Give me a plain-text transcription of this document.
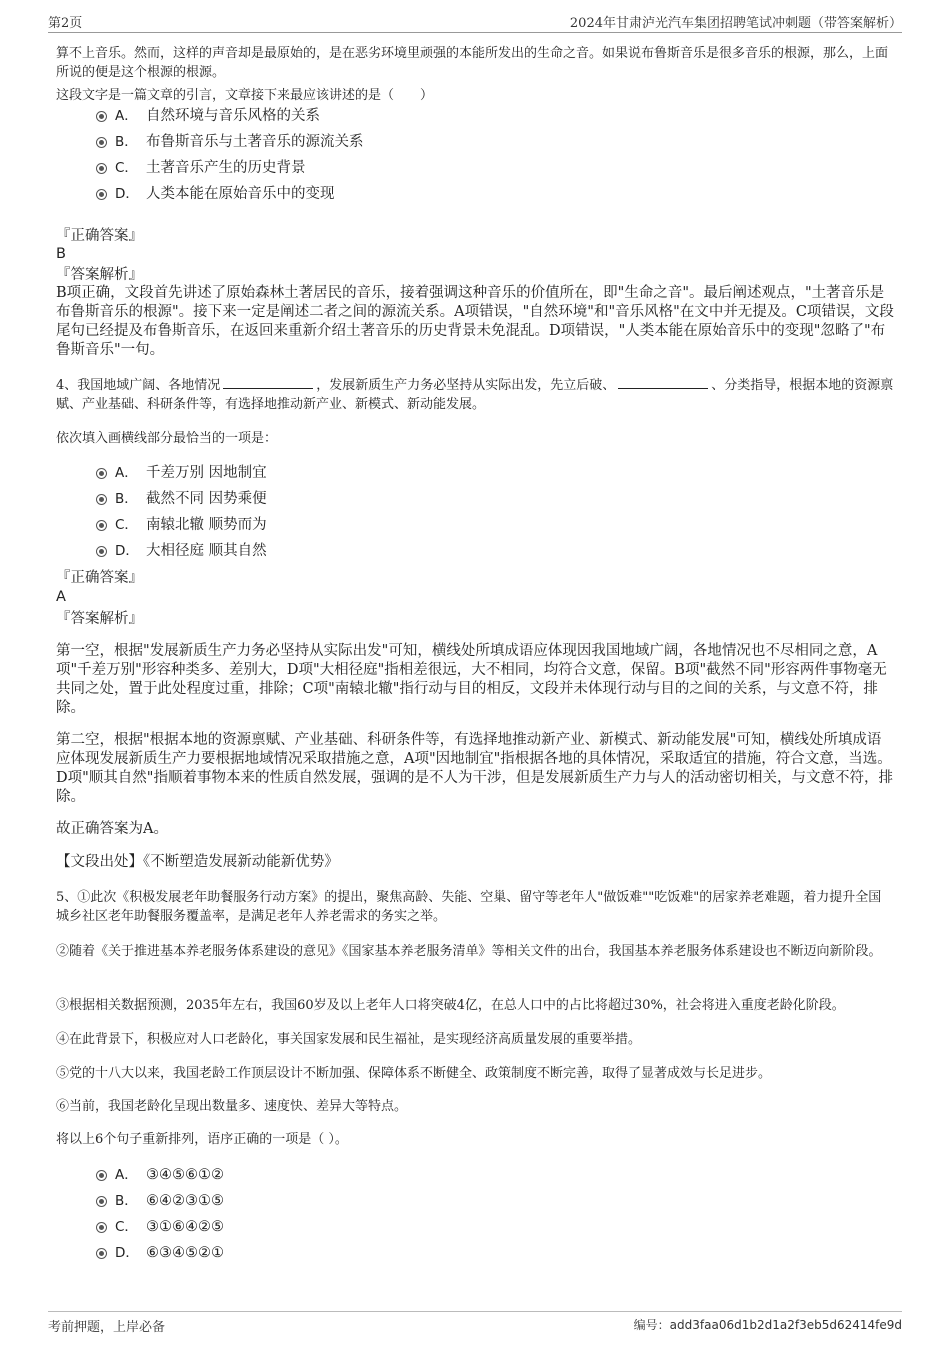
第2页	2024年甘肃泸光汽车集团招聘笔试冲刺题（带答案解析）

算不上音乐。然而，这样的声音却是最原始的，是在恶劣环境里顽强的本能所发出的生命之音。如果说布鲁斯音乐是很多音乐的根源，那么，上面所说的便是这个根源的根源。

这段文字是一篇文章的引言，文章接下来最应该讲述的是（　　）

A． 自然环境与音乐风格的关系
B． 布鲁斯音乐与土著音乐的源流关系
C． 土著音乐产生的历史背景
D． 人类本能在原始音乐中的变现

『正确答案』

B

『答案解析』

B项正确，文段首先讲述了原始森林土著居民的音乐，接着强调这种音乐的价值所在，即"生命之音"。最后阐述观点，"土著音乐是布鲁斯音乐的根源"。接下来一定是阐述二者之间的源流关系。A项错误，"自然环境"和"音乐风格"在文中并无提及。C项错误，文段尾句已经提及布鲁斯音乐，在返回来重新介绍土著音乐的历史背景未免混乱。D项错误，"人类本能在原始音乐中的变现"忽略了"布鲁斯音乐"一句。

4、我国地域广阔、各地情况	，发展新质生产力务必坚持从实际出发，先立后破、	、分类指导，根据本地的资源禀赋、产业基础、科研条件等，有选择地推动新产业、新模式、新动能发展。

依次填入画横线部分最恰当的一项是：

A． 千差万别 因地制宜
B． 截然不同 因势乘便
C． 南辕北辙 顺势而为
D． 大相径庭 顺其自然

『正确答案』

A

『答案解析』

第一空，根据"发展新质生产力务必坚持从实际出发"可知，横线处所填成语应体现因我国地域广阔，各地情况也不尽相同之意，A项"千差万别"形容种类多、差别大，D项"大相径庭"指相差很远，大不相同，均符合文意，保留。B项"截然不同"形容两件事物毫无共同之处，置于此处程度过重，排除；C项"南辕北辙"指行动与目的相反，文段并未体现行动与目的之间的关系，与文意不符，排除。

第二空，根据"根据本地的资源禀赋、产业基础、科研条件等，有选择地推动新产业、新模式、新动能发展"可知，横线处所填成语应体现发展新质生产力要根据地域情况采取措施之意，A项"因地制宜"指根据各地的具体情况，采取适宜的措施，符合文意，当选。D项"顺其自然"指顺着事物本来的性质自然发展，强调的是不人为干涉，但是发展新质生产力与人的活动密切相关，与文意不符，排除。

故正确答案为A。

【文段出处】《不断塑造发展新动能新优势》

5、①此次《积极发展老年助餐服务行动方案》的提出，聚焦高龄、失能、空巢、留守等老年人"做饭难""吃饭难"的居家养老难题，着力提升全国城乡社区老年助餐服务覆盖率，是满足老年人养老需求的务实之举。

②随着《关于推进基本养老服务体系建设的意见》《国家基本养老服务清单》等相关文件的出台，我国基本养老服务体系建设也不断迈向新阶段。

③根据相关数据预测，2035年左右，我国60岁及以上老年人口将突破4亿，在总人口中的占比将超过30%，社会将进入重度老龄化阶段。

④在此背景下，积极应对人口老龄化，事关国家发展和民生福祉，是实现经济高质量发展的重要举措。

⑤党的十八大以来，我国老龄工作顶层设计不断加强、保障体系不断健全、政策制度不断完善，取得了显著成效与长足进步。

⑥当前，我国老龄化呈现出数量多、速度快、差异大等特点。

将以上6个句子重新排列，语序正确的一项是（ ）。

A． ③④⑤⑥①②
B． ⑥④②③①⑤
C． ③①⑥④②⑤
D． ⑥③④⑤②①
考前押题，上岸必备	编号：add3faa06d1b2d1a2f3eb5d62414fe9d
